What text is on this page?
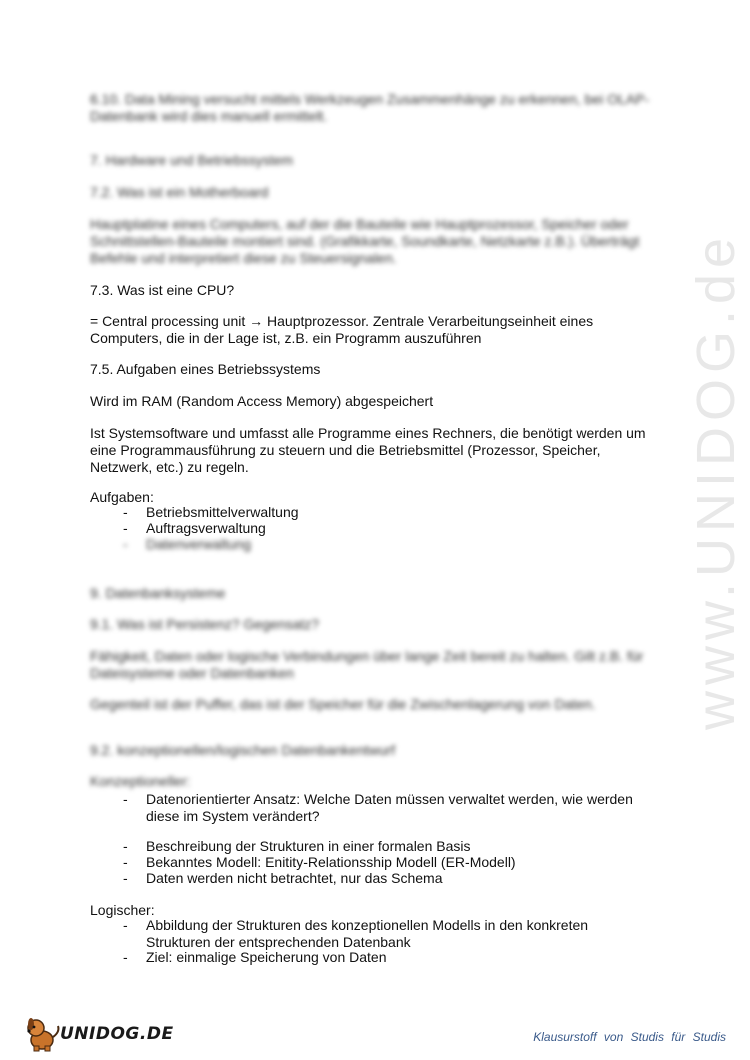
www.UNIDOG.de

6.10. Data Mining versucht mittels Werkzeugen Zusammenhänge zu erkennen, bei OLAP-Datenbank wird dies manuell ermittelt.

7. Hardware und Betriebssystem

7.2. Was ist ein Motherboard

Hauptplatine eines Computers, auf der die Bauteile wie Hauptprozessor, Speicher oder Schnittstellen-Bauteile montiert sind. (Grafikkarte, Soundkarte, Netzkarte z.B.). Überträgt Befehle und interpretiert diese zu Steuersignalen.

7.3. Was ist eine CPU?

= Central processing unit → Hauptprozessor. Zentrale Verarbeitungseinheit eines Computers, die in der Lage ist, z.B. ein Programm auszuführen

7.5. Aufgaben eines Betriebssystems

Wird im RAM (Random Access Memory) abgespeichert

Ist Systemsoftware und umfasst alle Programme eines Rechners, die benötigt werden um eine Programmausführung zu steuern und die Betriebsmittel (Prozessor, Speicher, Netzwerk, etc.) zu regeln.

Aufgaben:

- Betriebsmittelverwaltung
- Auftragsverwaltung
- Datenverwaltung

9. Datenbanksysteme

9.1. Was ist Persistenz? Gegensatz?

Fähigkeit, Daten oder logische Verbindungen über lange Zeit bereit zu halten. Gilt z.B. für Dateisysteme oder Datenbanken

Gegenteil ist der Puffer, das ist der Speicher für die Zwischenlagerung von Daten.

9.2. konzeptionellen/logischen Datenbankentwurf

Konzeptioneller:

- Datenorientierter Ansatz: Welche Daten müssen verwaltet werden, wie werden diese im System verändert?
- Beschreibung der Strukturen in einer formalen Basis
- Bekanntes Modell: Enitity-Relationsship Modell (ER-Modell)
- Daten werden nicht betrachtet, nur das Schema

Logischer:

- Abbildung der Strukturen des konzeptionellen Modells in den konkreten Strukturen der entsprechenden Datenbank
- Ziel: einmalige Speicherung von Daten
UNIDOG.DE	Klausurstoff von Studis für Studis
